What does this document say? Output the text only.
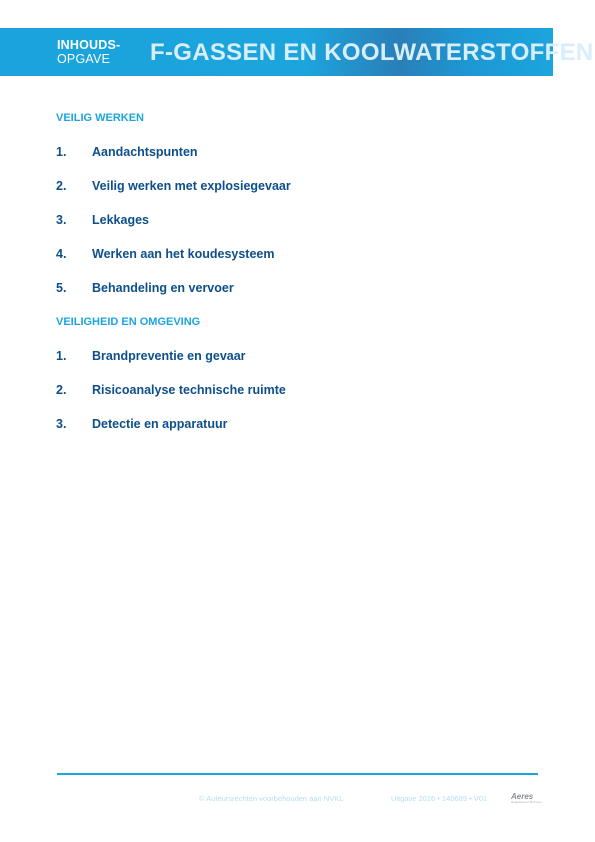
INHOUDS-
OPGAVE	F-GASSEN EN KOOLWATERSTOFFEN
VEILIG WERKEN
1. Aandachtspunten
2. Veilig werken met explosiegevaar
3. Lekkages
4. Werken aan het koudesysteem
5. Behandeling en vervoer
VEILIGHEID EN OMGEVING
1. Brandpreventie en gevaar
2. Risicoanalyse technische ruimte
3. Detectie en apparatuur
© Auteursrechten voorbehouden aan NVKL	Uitgave 2026 • 140689 • V01	Aeres
Hogeschool Dronten
